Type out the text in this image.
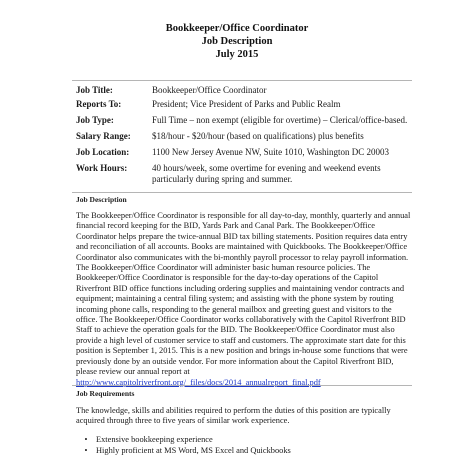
Bookkeeper/Office Coordinator
Job Description
July 2015
Job Title:	Bookkeeper/Office Coordinator
Reports To:	President; Vice President of Parks and Public Realm
Job Type:	Full Time – non exempt (eligible for overtime) – Clerical/office-based.
Salary Range:	$18/hour - $20/hour (based on qualifications) plus benefits
Job Location:	1100 New Jersey Avenue NW, Suite 1010, Washington DC 20003
Work Hours:	40 hours/week, some overtime for evening and weekend events particularly during spring and summer.
Job Description
The Bookkeeper/Office Coordinator is responsible for all day-to-day, monthly, quarterly and annual financial record keeping for the BID, Yards Park and Canal Park. The Bookkeeper/Office Coordinator helps prepare the twice-annual BID tax billing statements. Position requires data entry and reconciliation of all accounts. Books are maintained with Quickbooks. The Bookkeeper/Office Coordinator also communicates with the bi-monthly payroll processor to relay payroll information. The Bookkeeper/Office Coordinator will administer basic human resource policies. The Bookkeeper/Office Coordinator is responsible for the day-to-day operations of the Capitol Riverfront BID office functions including ordering supplies and maintaining vendor contracts and equipment; maintaining a central filing system; and assisting with the phone system by routing incoming phone calls, responding to the general mailbox and greeting guest and visitors to the office. The Bookkeeper/Office Coordinator works collaboratively with the Capitol Riverfront BID Staff to achieve the operation goals for the BID. The Bookkeeper/Office Coordinator must also provide a high level of customer service to staff and customers. The approximate start date for this position is September 1, 2015. This is a new position and brings in-house some functions that were previously done by an outside vendor. For more information about the Capitol Riverfront BID, please review our annual report at http://www.capitolriverfront.org/_files/docs/2014_annualreport_final.pdf
Job Requirements
The knowledge, skills and abilities required to perform the duties of this position are typically acquired through three to five years of similar work experience.
•	Extensive bookkeeping experience
•	Highly proficient at MS Word, MS Excel and Quickbooks
